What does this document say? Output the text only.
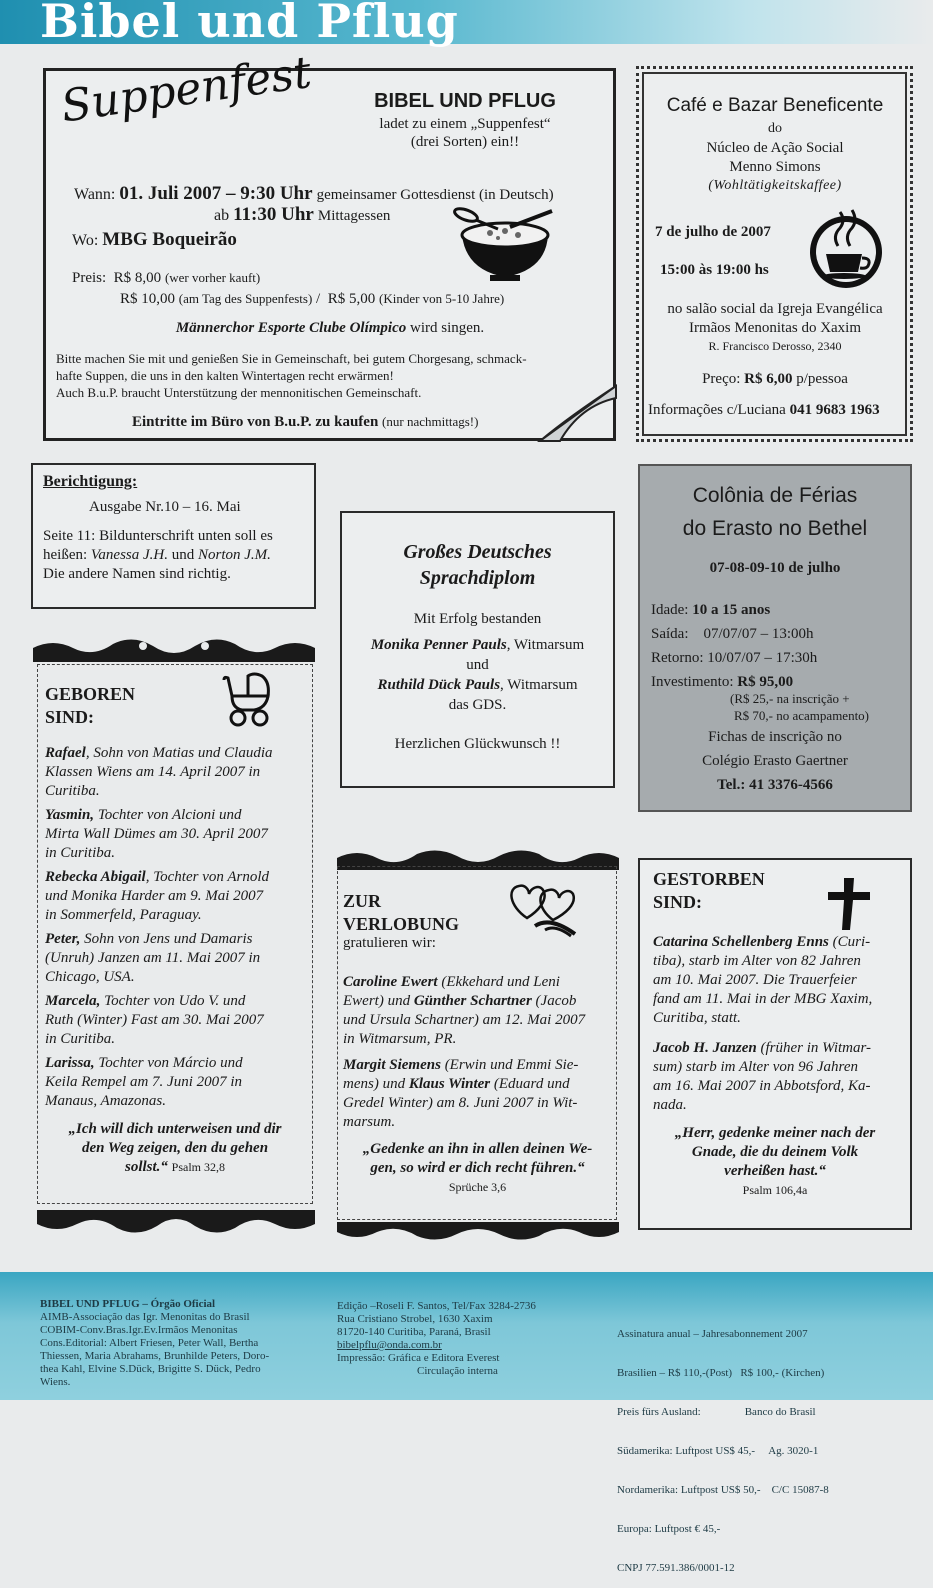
Bibel und Pflug
Suppenfest	BIBEL UND PFLUG
ladet zu einem „Suppenfest“
(drei Sorten) ein!!
Wann: 01. Juli 2007 – 9:30 Uhr gemeinsamer Gottesdienst (in Deutsch)
ab 11:30 Uhr Mittagessen
Wo: MBG Boqueirão
Preis: R$ 8,00 (wer vorher kauft)
R$ 10,00 (am Tag des Suppenfests) / R$ 5,00 (Kinder von 5-10 Jahre)
Männerchor Esporte Clube Olímpico wird singen.
Bitte machen Sie mit und genießen Sie in Gemeinschaft, bei gutem Chorgesang, schmack-
hafte Suppen, die uns in den kalten Wintertagen recht erwärmen!
Auch B.u.P. braucht Unterstützung der mennonitischen Gemeinschaft.
Eintritte im Büro von B.u.P. zu kaufen (nur nachmittags!)
Café e Bazar Beneficente
do
Núcleo de Ação Social
Menno Simons
(Wohltätigkeitskaffee)
7 de julho de 2007
15:00 às 19:00 hs
no salão social da Igreja Evangélica
Irmãos Menonitas do Xaxim
R. Francisco Derosso, 2340
Preço: R$ 6,00 p/pessoa
Informações c/Luciana 041 9683 1963
Berichtigung:
Ausgabe Nr.10 – 16. Mai
Seite 11: Bildunterschrift unten soll es
heißen: Vanessa J.H. und Norton J.M.
Die andere Namen sind richtig.
Großes Deutsches
Sprachdiplom
Mit Erfolg bestanden
Monika Penner Pauls, Witmarsum
und
Ruthild Dück Pauls, Witmarsum
das GDS.
Herzlichen Glückwunsch !!
Colônia de Férias
do Erasto no Bethel
07-08-09-10 de julho
Idade: 10 a 15 anos
Saída: 07/07/07 – 13:00h
Retorno: 10/07/07 – 17:30h
Investimento: R$ 95,00
(R$ 25,- na inscrição +
R$ 70,- no acampamento)
Fichas de inscrição no
Colégio Erasto Gaertner
Tel.: 41 3376-4566
GEBOREN
SIND:
Rafael, Sohn von Matias und Claudia
Klassen Wiens am 14. April 2007 in
Curitiba.
Yasmin, Tochter von Alcioni und
Mirta Wall Dümes am 30. April 2007
in Curitiba.
Rebecka Abigail, Tochter von Arnold
und Monika Harder am 9. Mai 2007
in Sommerfeld, Paraguay.
Peter, Sohn von Jens und Damaris
(Unruh) Janzen am 11. Mai 2007 in
Chicago, USA.
Marcela, Tochter von Udo V. und
Ruth (Winter) Fast am 30. Mai 2007
in Curitiba.
Larissa, Tochter von Márcio und
Keila Rempel am 7. Juni 2007 in
Manaus, Amazonas.
„Ich will dich unterweisen und dir
den Weg zeigen, den du gehen
sollst.“ Psalm 32,8
ZUR
VERLOBUNG
gratulieren wir:
Caroline Ewert (Ekkehard und Leni
Ewert) und Günther Schartner (Jacob
und Ursula Schartner) am 12. Mai 2007
in Witmarsum, PR.
Margit Siemens (Erwin und Emmi Sie-
mens) und Klaus Winter (Eduard und
Gredel Winter) am 8. Juni 2007 in Wit-
marsum.
„Gedenke an ihn in allen deinen We-
gen, so wird er dich recht führen.“
Sprüche 3,6
GESTORBEN
SIND:
Catarina Schellenberg Enns (Curi-
tiba), starb im Alter von 82 Jahren
am 10. Mai 2007. Die Trauerfeier
fand am 11. Mai in der MBG Xaxim,
Curitiba, statt.
Jacob H. Janzen (früher in Witmar-
sum) starb im Alter von 96 Jahren
am 16. Mai 2007 in Abbotsford, Ka-
nada.
„Herr, gedenke meiner nach der
Gnade, die du deinem Volk
verheißen hast.“
Psalm 106,4a
BIBEL UND PFLUG – Órgão Oficial
AIMB-Associação das Igr. Menonitas do Brasil
COBIM-Conv.Bras.Igr.Ev.Irmãos Menonitas
Cons.Editorial: Albert Friesen, Peter Wall, Bertha
Thiessen, Maria Abrahams, Brunhilde Peters, Doro-
thea Kahl, Elvine S.Dück, Brigitte S. Dück, Pedro
Wiens.
Edição –Roseli F. Santos, Tel/Fax 3284-2736
Rua Cristiano Strobel, 1630 Xaxim
81720-140 Curitiba, Paraná, Brasil
bibelpflu@onda.com.br
Impressão: Gráfica e Editora Everest
Circulação interna

Assinatura anual – Jahresabonnement 2007

Brasilien – R$ 110,-(Post)   R$ 100,- (Kirchen)

Preis fürs Ausland:                Banco do Brasil

Südamerika: Luftpost US$ 45,-     Ag. 3020-1

Nordamerika: Luftpost US$ 50,-    C/C 15087-8

Europa: Luftpost € 45,-

CNPJ 77.591.386/0001-12
